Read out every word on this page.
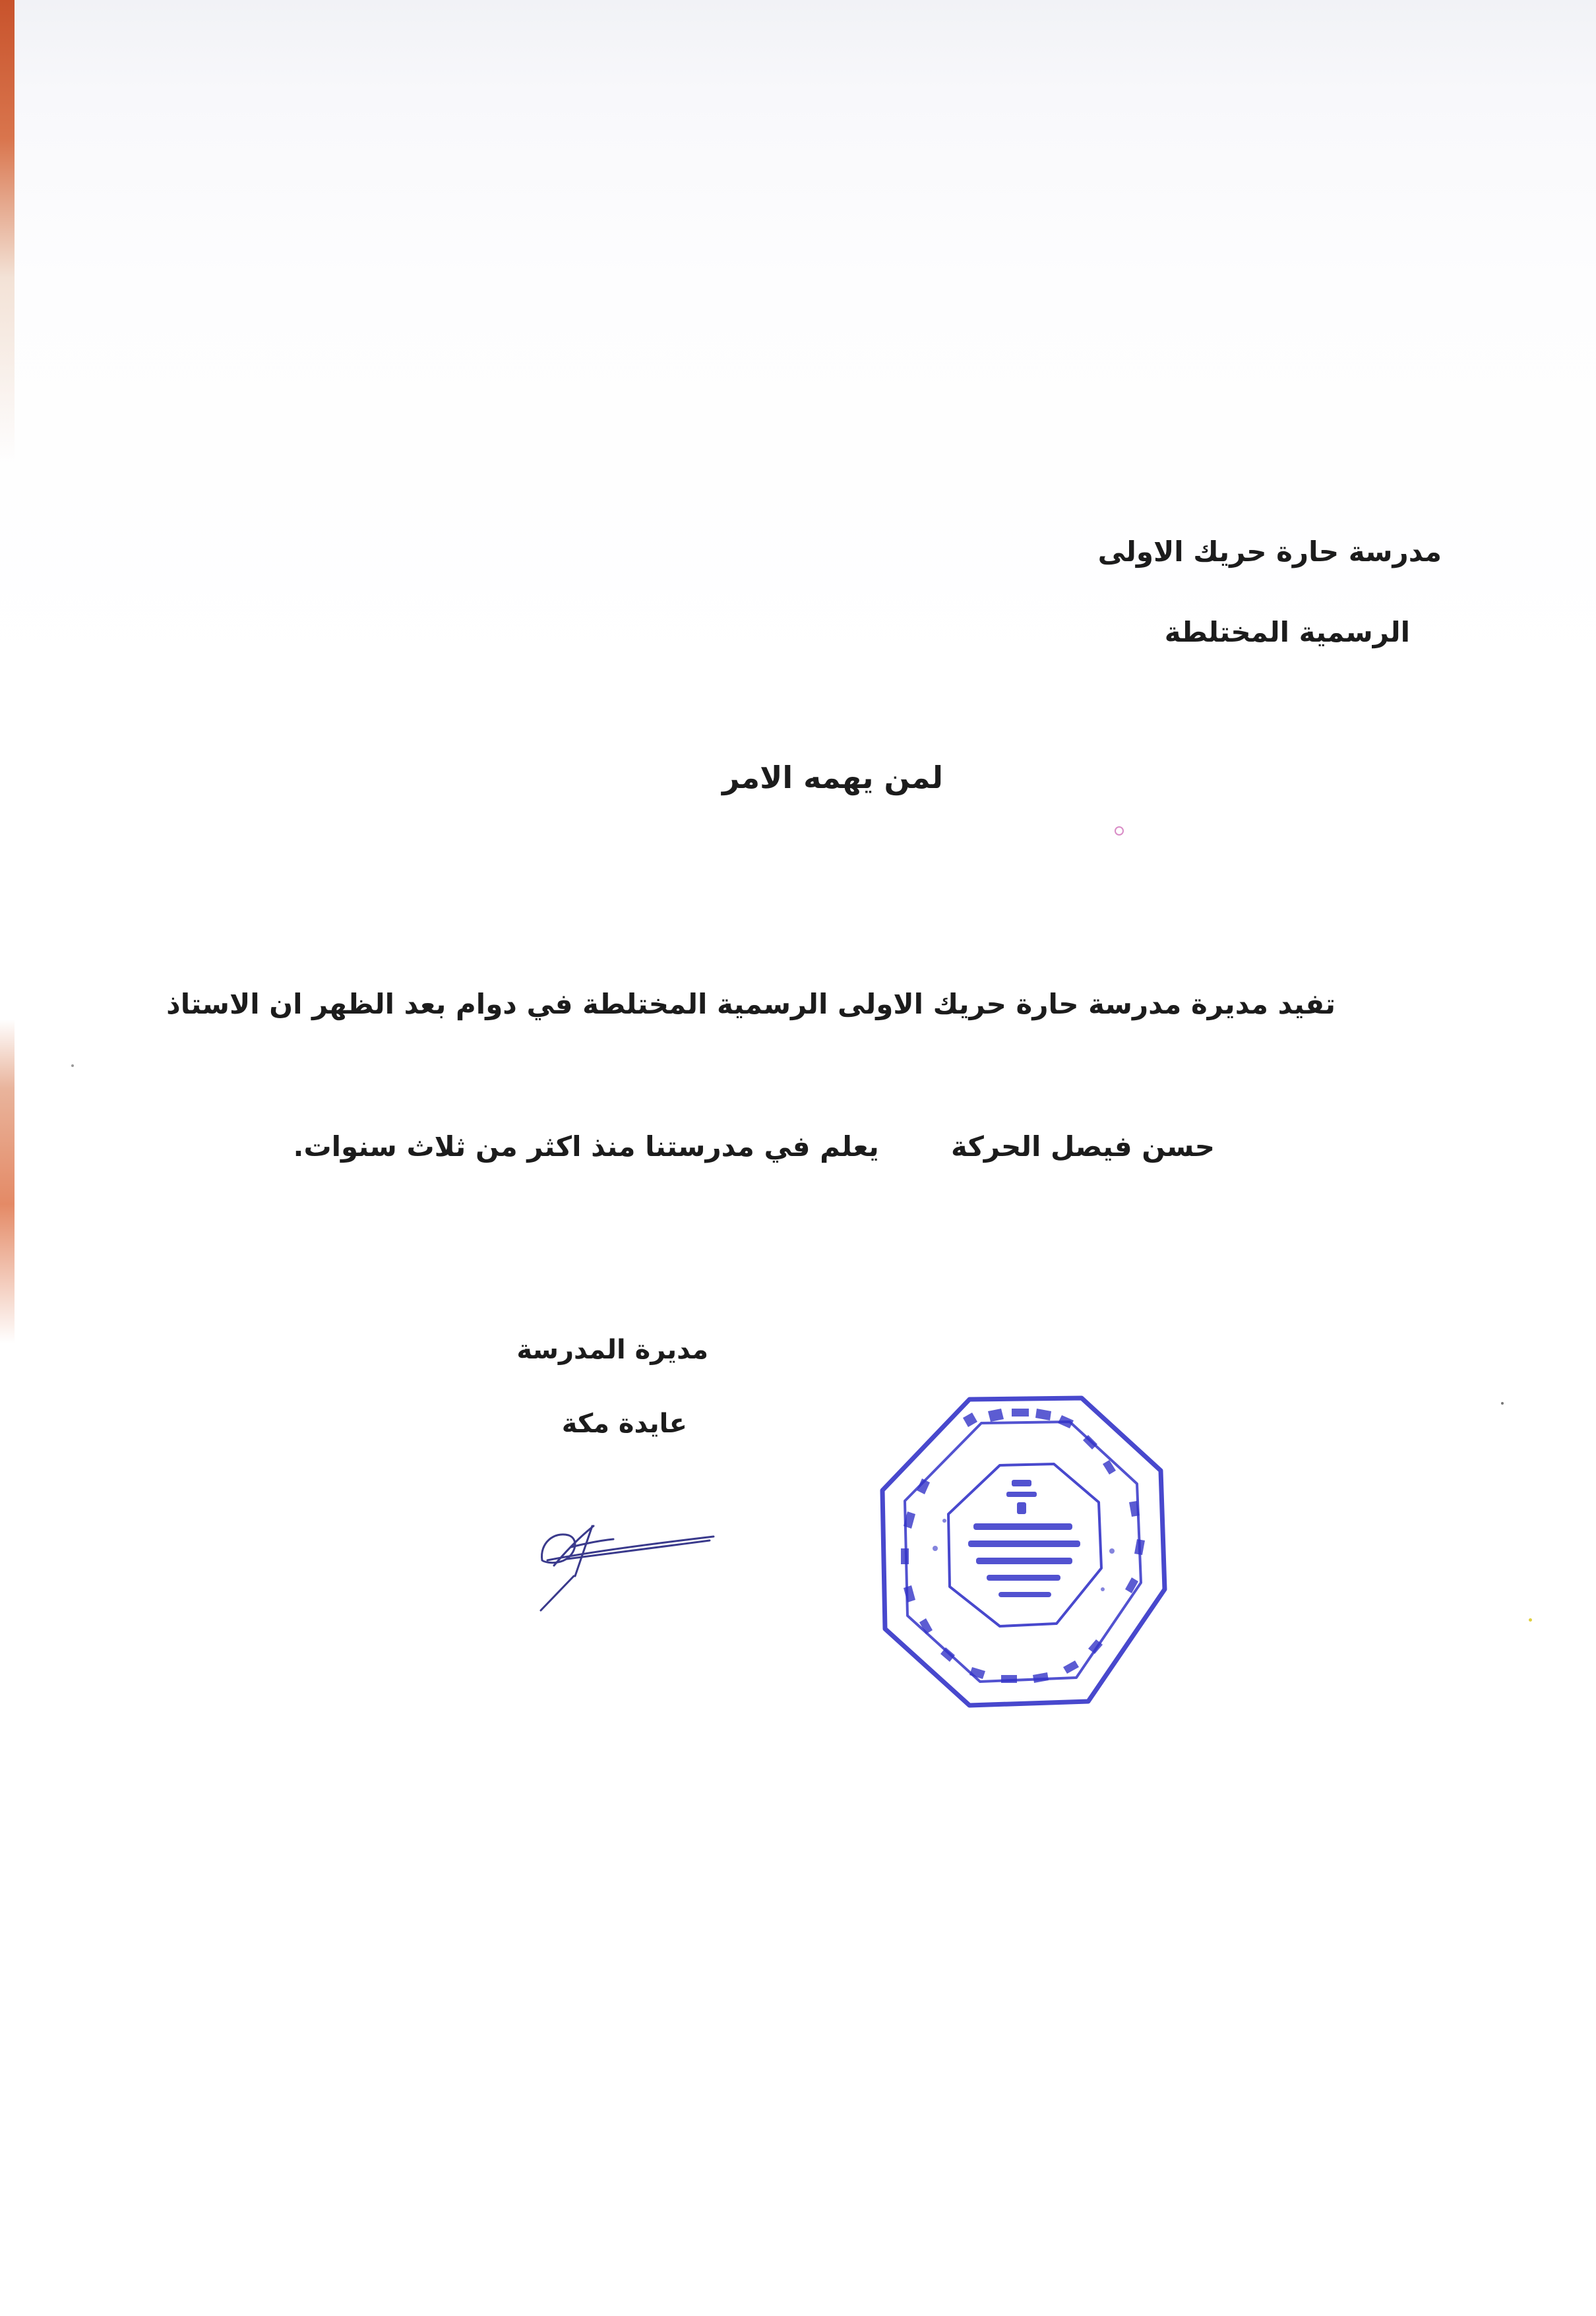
مدرسة حارة حريك الاولى
الرسمية المختلطة
لمن يهمه الامر
تفيد مديرة مدرسة حارة حريك الاولى الرسمية المختلطة في دوام بعد الظهر ان الاستاذ
حسن فيصل الحركة  يعلم في مدرستنا منذ اكثر من ثلاث سنوات.
مديرة المدرسة
عايدة مكة
